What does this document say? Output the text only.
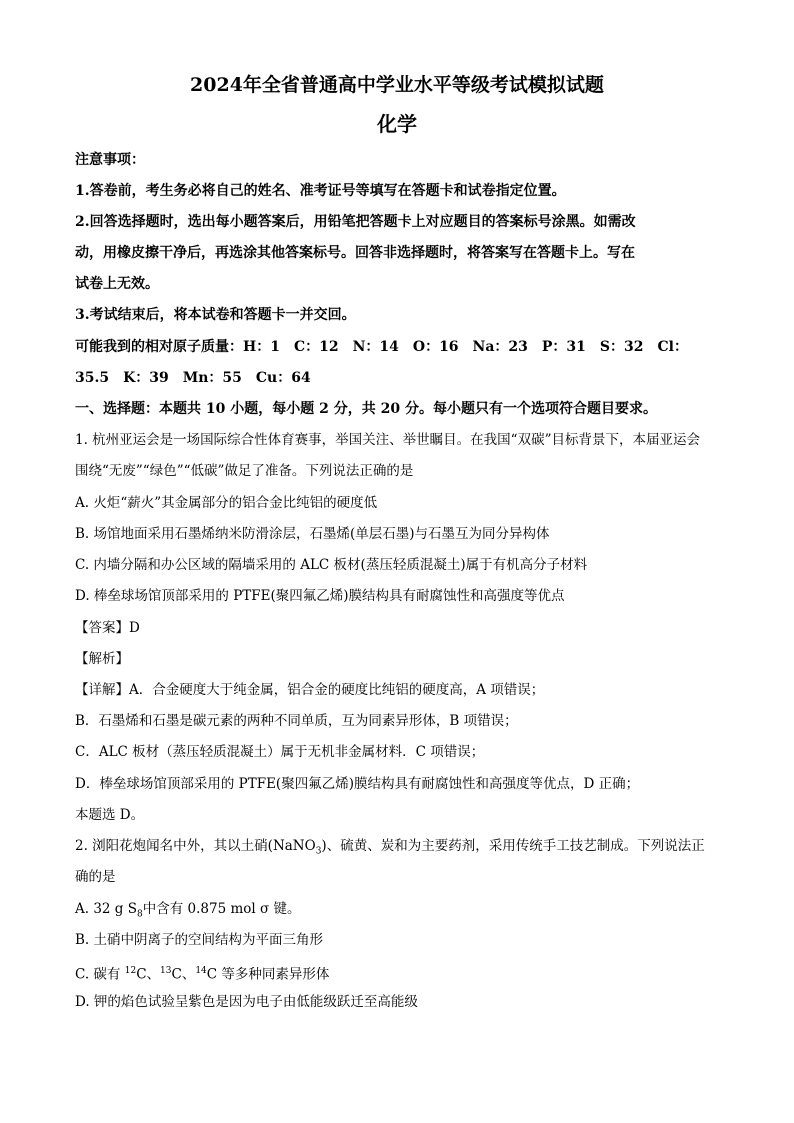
2024年全省普通高中学业水平等级考试模拟试题
化学
注意事项：
1.答卷前，考生务必将自己的姓名、准考证号等填写在答题卡和试卷指定位置。
2.回答选择题时，选出每小题答案后，用铅笔把答题卡上对应题目的答案标号涂黑。如需改
动，用橡皮擦干净后，再选涂其他答案标号。回答非选择题时，将答案写在答题卡上。写在
试卷上无效。
3.考试结束后，将本试卷和答题卡一并交回。
可能我到的相对原子质量：H：1　C：12　N：14　O：16　Na：23　P：31　S：32　Cl：
35.5　K：39　Mn：55　Cu：64
一、选择题：本题共 10 小题，每小题 2 分，共 20 分。每小题只有一个选项符合题目要求。
1. 杭州亚运会是一场国际综合性体育赛事，举国关注、举世瞩目。在我国“双碳”目标背景下，本届亚运会
围绕“无废”“绿色”“低碳”做足了准备。下列说法正确的是
A. 火炬“薪火”其金属部分的铝合金比纯铝的硬度低
B. 场馆地面采用石墨烯纳米防滑涂层，石墨烯(单层石墨)与石墨互为同分异构体
C. 内墙分隔和办公区域的隔墙采用的 ALC 板材(蒸压轻质混凝土)属于有机高分子材料
D. 棒垒球场馆顶部采用的 PTFE(聚四氟乙烯)膜结构具有耐腐蚀性和高强度等优点
【答案】D
【解析】
【详解】A．合金硬度大于纯金属，铝合金的硬度比纯铝的硬度高，A 项错误；
B．石墨烯和石墨是碳元素的两种不同单质，互为同素异形体，B 项错误；
C．ALC 板材（蒸压轻质混凝土）属于无机非金属材料．C 项错误；
D．棒垒球场馆顶部采用的 PTFE(聚四氟乙烯)膜结构具有耐腐蚀性和高强度等优点，D 正确；
本题选 D。
2. 浏阳花炮闻名中外，其以土硝(NaNO$_3$)、硫黄、炭和为主要药剂，采用传统手工技艺制成。下列说法正
确的是
A. 32 g $S_8$中含有 0.875 mol σ 键。
B. 土硝中阴离子的空间结构为平面三角形
C. 碳有 $^{12}$C、$^{13}$C、$^{14}$C 等多种同素异形体
D. 钾的焰色试验呈紫色是因为电子由低能级跃迁至高能级
